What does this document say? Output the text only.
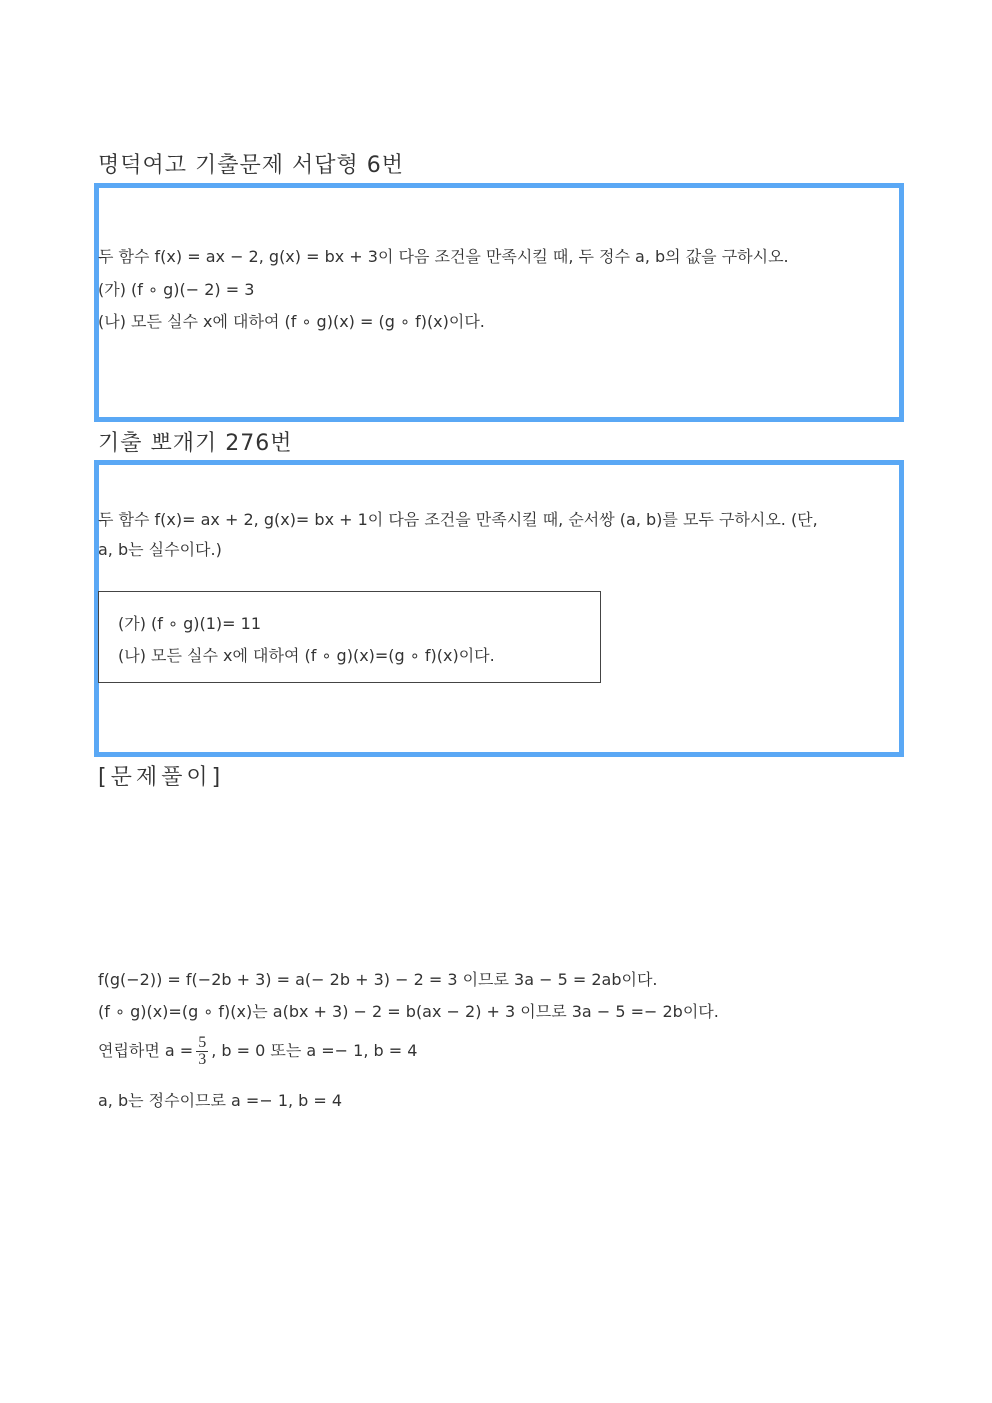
명덕여고 기출문제 서답형 6번
두 함수 f(x) = ax − 2, g(x) = bx + 3이 다음 조건을 만족시킬 때, 두 정수 a, b의 값을 구하시오.
(가) (f ∘ g)(− 2) = 3
(나) 모든 실수 x에 대하여 (f ∘ g)(x) = (g ∘ f)(x)이다.
기출 뽀개기 276번
두 함수 f(x)= ax + 2, g(x)= bx + 1이 다음 조건을 만족시킬 때, 순서쌍 (a, b)를 모두 구하시오. (단,
a, b는 실수이다.)
(가) (f ∘ g)(1)= 11
(나) 모든 실수 x에 대하여 (f ∘ g)(x)=(g ∘ f)(x)이다.
[문제풀이]
f(g(−2)) = f(−2b + 3) = a(− 2b + 3) − 2 = 3 이므로 3a − 5 = 2ab이다.
(f ∘ g)(x)=(g ∘ f)(x)는 a(bx + 3) − 2 = b(ax − 2) + 3 이므로 3a − 5 =− 2b이다.
연립하면 $a = \frac{5}{3}$ , b = 0 또는 a =− 1, b = 4
a, b는 정수이므로 a =− 1, b = 4
